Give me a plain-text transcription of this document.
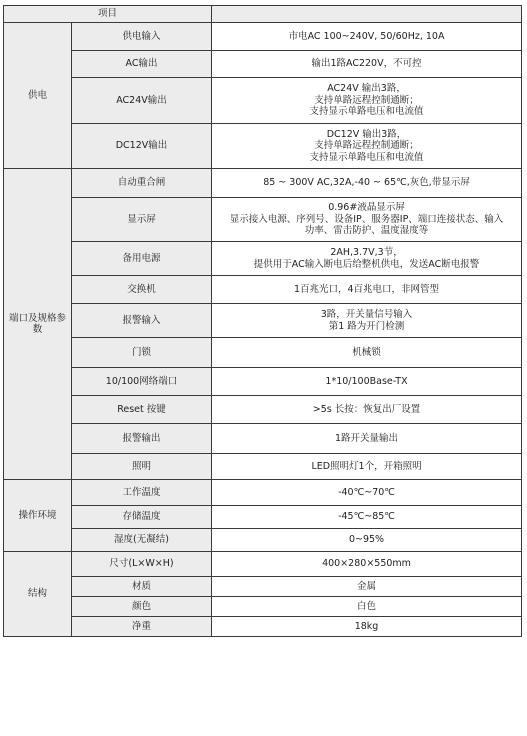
项目		
供电	供电输入	市电AC 100~240V, 50/60Hz, 10A

	AC输出	输出1路AC220V，不可控

	AC24V输出	AC24V 输出3路，
支持单路远程控制通断；
支持显示单路电压和电流值

	DC12V输出	DC12V 输出3路，
支持单路远程控制通断；
支持显示单路电压和电流值

端口及规格参数	自动重合闸	85 ~ 300V AC,32A,-40 ~ 65℃,灰色,带显示屏

	显示屏	0.96#液晶显示屏
显示接入电源、序列号、设备IP、服务器IP、端口连接状态、输入
功率、雷击防护、温度湿度等

	备用电源	2AH,3.7V,3节，
提供用于AC输入断电后给整机供电，发送AC断电报警

	交换机	1百兆光口，4百兆电口，非网管型

	报警输入	3路，开关量信号输入
第1 路为开门检测

	门锁	机械锁

	10/100网络端口	1*10/100Base-TX

	Reset 按键	>5s 长按：恢复出厂设置

	报警输出	1路开关量输出

	照明	LED照明灯1个，开箱照明

操作环境	工作温度	-40℃~70℃

	存储温度	-45℃~85℃

	湿度(无凝结)	0~95%

结构	尺寸(L×W×H)	400×280×550mm

	材质	金属

	颜色	白色

	净重	18kg
